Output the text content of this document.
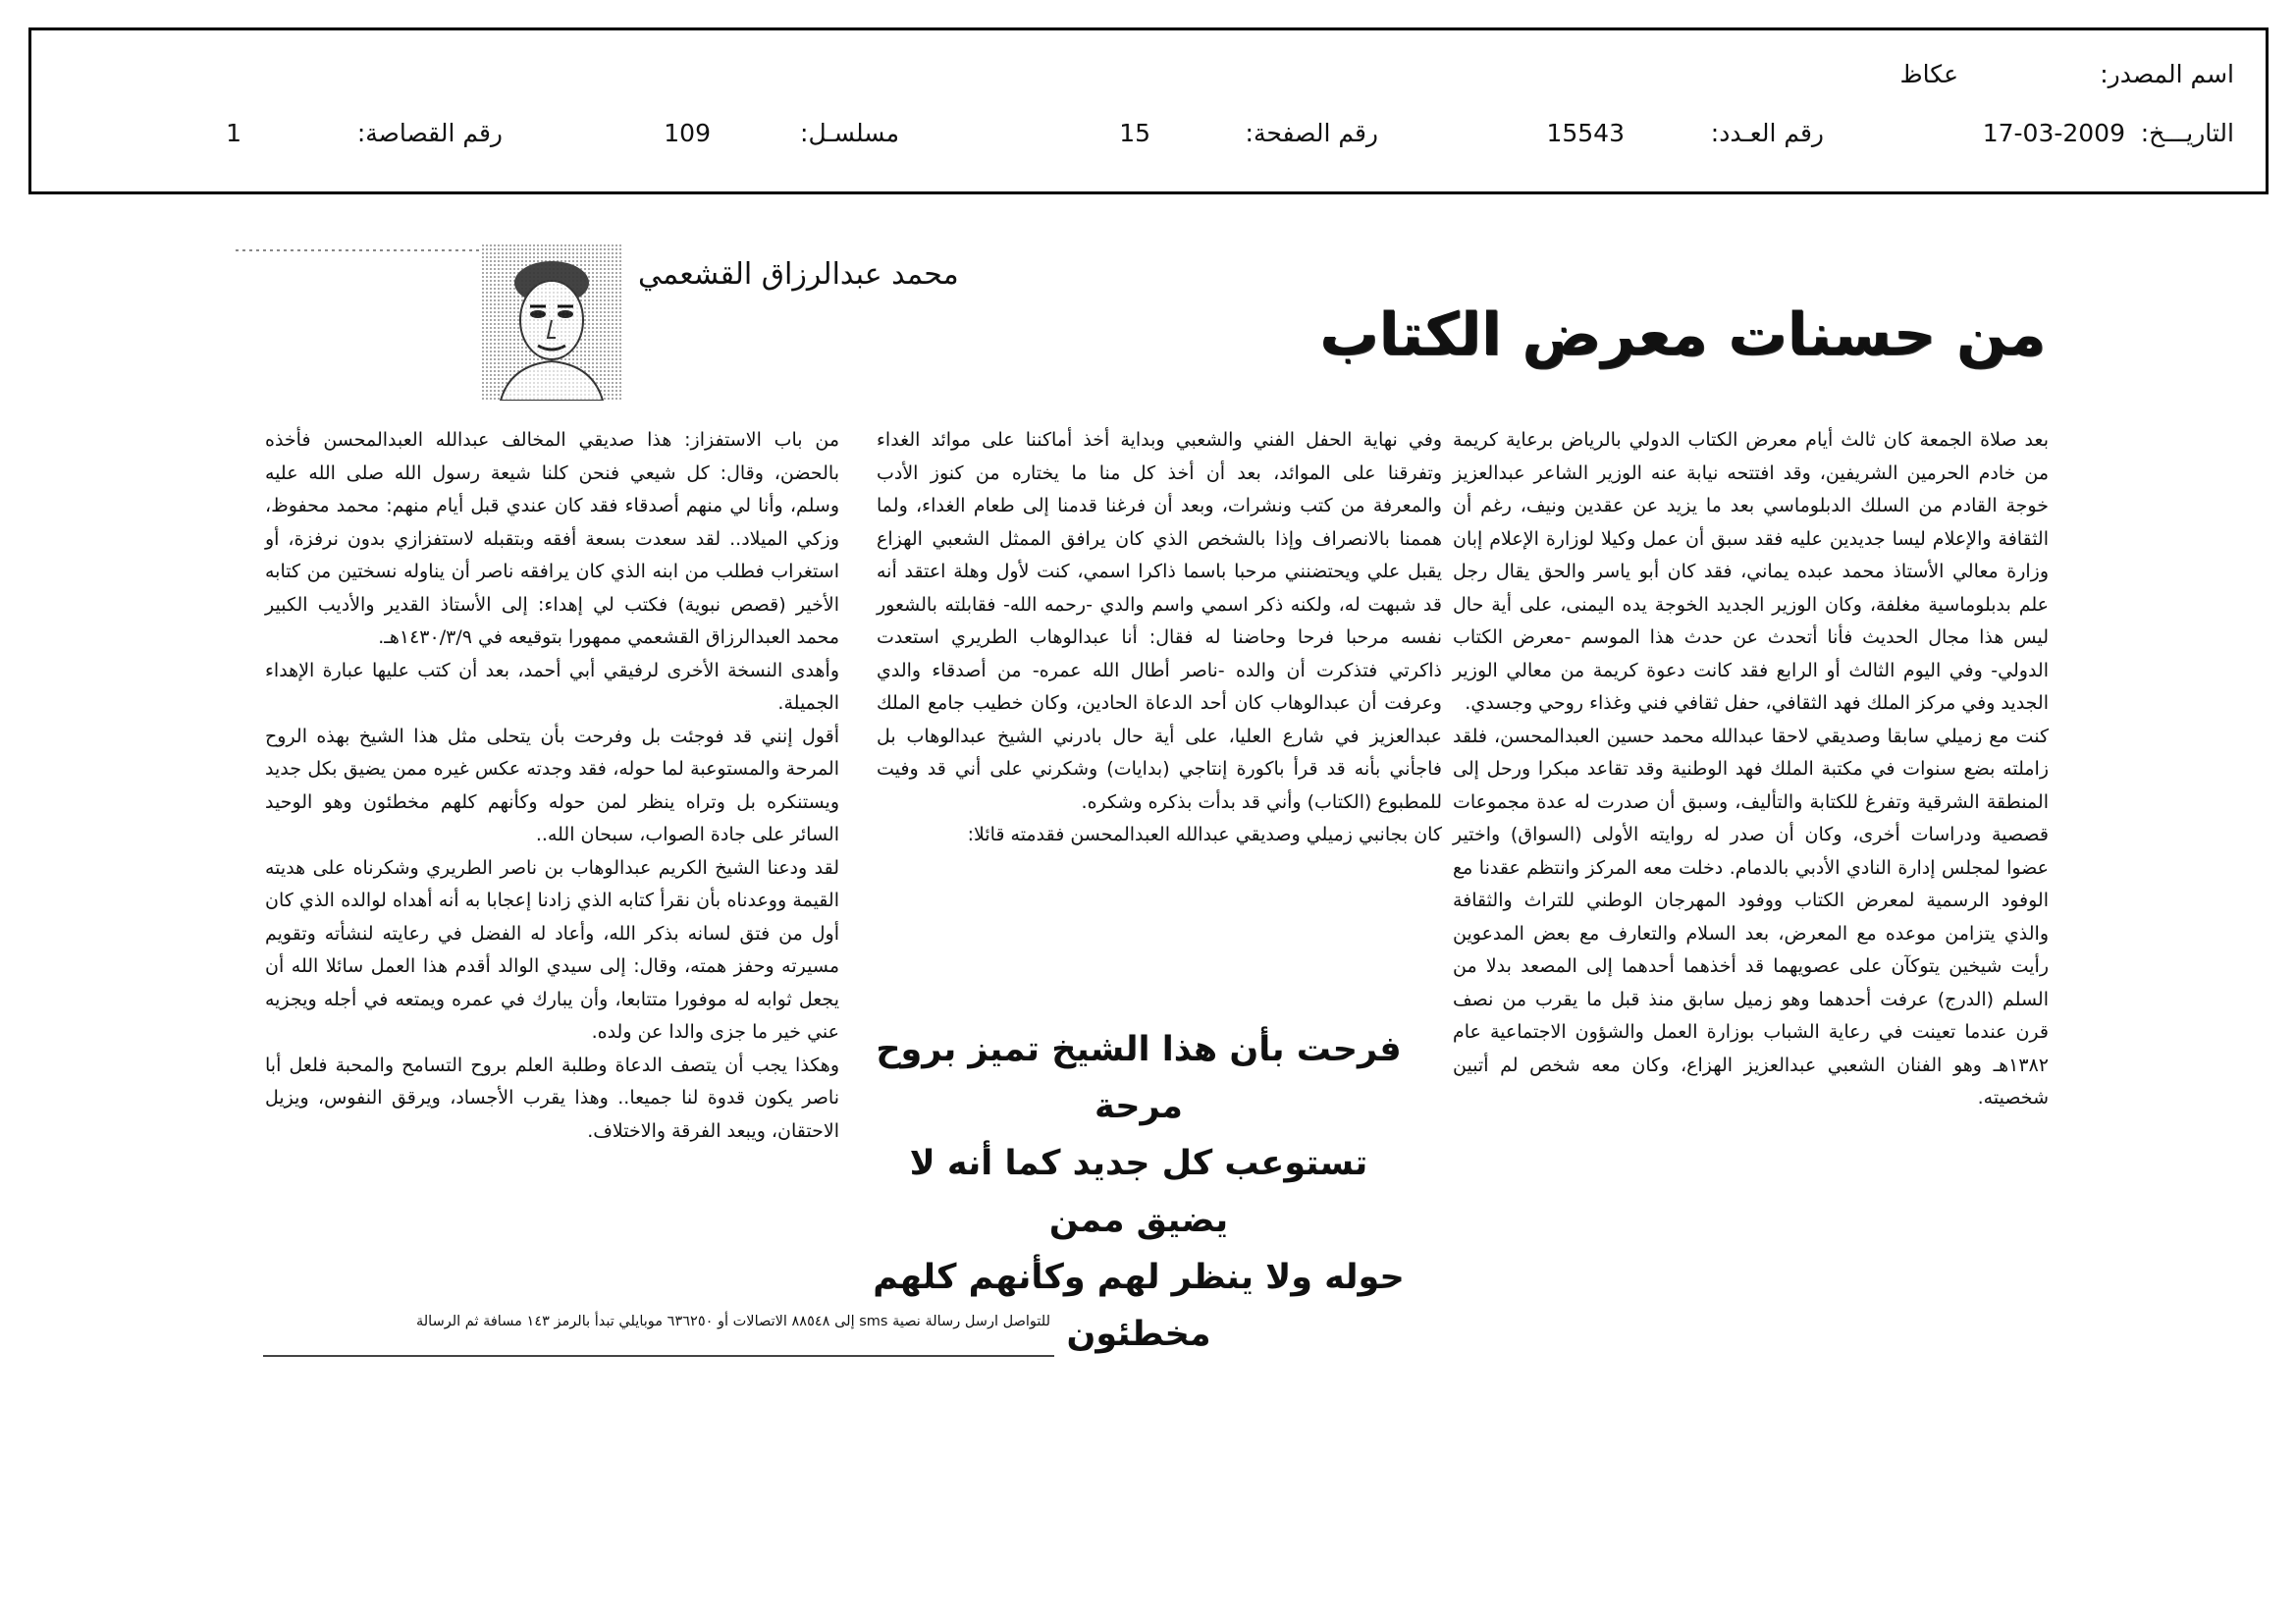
اسم المصدر:
عكاظ
التاريـــخ:
17-03-2009
رقم العـدد:
15543
رقم الصفحة:
15
مسلسـل:
109
رقم القصاصة:
1
محمد عبدالرزاق القشعمي
من حسنات معرض الكتاب

بعد صلاة الجمعة كان ثالث أيام معرض الكتاب الدولي بالرياض برعاية كريمة من خادم الحرمين الشريفين، وقد افتتحه نيابة عنه الوزير الشاعر عبدالعزيز خوجة القادم من السلك الدبلوماسي بعد ما يزيد عن عقدين ونيف، رغم أن الثقافة والإعلام ليسا جديدين عليه فقد سبق أن عمل وكيلا لوزارة الإعلام إبان وزارة معالي الأستاذ محمد عبده يماني، فقد كان أبو ياسر والحق يقال رجل علم بدبلوماسية مغلفة، وكان الوزير الجديد الخوجة يده اليمنى، على أية حال ليس هذا مجال الحديث فأنا أتحدث عن حدث هذا الموسم -معرض الكتاب الدولي- وفي اليوم الثالث أو الرابع فقد كانت دعوة كريمة من معالي الوزير الجديد وفي مركز الملك فهد الثقافي، حفل ثقافي فني وغذاء روحي وجسدي.

كنت مع زميلي سابقا وصديقي لاحقا عبدالله محمد حسين العبدالمحسن، فلقد زاملته بضع سنوات في مكتبة الملك فهد الوطنية وقد تقاعد مبكرا ورحل إلى المنطقة الشرقية وتفرغ للكتابة والتأليف، وسبق أن صدرت له عدة مجموعات قصصية ودراسات أخرى، وكان أن صدر له روايته الأولى (السواق) واختير عضوا لمجلس إدارة النادي الأدبي بالدمام. دخلت معه المركز وانتظم عقدنا مع الوفود الرسمية لمعرض الكتاب ووفود المهرجان الوطني للتراث والثقافة والذي يتزامن موعده مع المعرض، بعد السلام والتعارف مع بعض المدعوين رأيت شيخين يتوكآن على عصويهما قد أخذهما أحدهما إلى المصعد بدلا من السلم (الدرج) عرفت أحدهما وهو زميل سابق منذ قبل ما يقرب من نصف قرن عندما تعينت في رعاية الشباب بوزارة العمل والشؤون الاجتماعية عام ١٣٨٢هـ وهو الفنان الشعبي عبدالعزيز الهزاع، وكان معه شخص لم أتبين شخصيته.

وفي نهاية الحفل الفني والشعبي وبداية أخذ أماكننا على موائد الغداء وتفرقنا على الموائد، بعد أن أخذ كل منا ما يختاره من كنوز الأدب والمعرفة من كتب ونشرات، وبعد أن فرغنا قدمنا إلى طعام الغداء، ولما هممنا بالانصراف وإذا بالشخص الذي كان يرافق الممثل الشعبي الهزاع يقبل علي ويحتضنني مرحبا باسما ذاكرا اسمي، كنت لأول وهلة اعتقد أنه قد شبهت له، ولكنه ذكر اسمي واسم والدي -رحمه الله- فقابلته بالشعور نفسه مرحبا فرحا وحاضنا له فقال: أنا عبدالوهاب الطريري استعدت ذاكرتي فتذكرت أن والده -ناصر أطال الله عمره- من أصدقاء والدي وعرفت أن عبدالوهاب كان أحد الدعاة الحادين، وكان خطيب جامع الملك عبدالعزيز في شارع العليا، على أية حال بادرني الشيخ عبدالوهاب بل فاجأني بأنه قد قرأ باكورة إنتاجي (بدايات) وشكرني على أني قد وفيت للمطبوع (الكتاب) وأني قد بدأت بذكره وشكره.

كان بجانبي زميلي وصديقي عبدالله العبدالمحسن فقدمته قائلا:

فرحت بأن هذا الشيخ تميز بروح مرحة

تستوعب كل جديد كما أنه لا يضيق ممن

حوله ولا ينظر لهم وكأنهم كلهم مخطئون

من باب الاستفزاز: هذا صديقي المخالف عبدالله العبدالمحسن فأخذه بالحضن، وقال: كل شيعي فنحن كلنا شيعة رسول الله صلى الله عليه وسلم، وأنا لي منهم أصدقاء فقد كان عندي قبل أيام منهم: محمد محفوظ، وزكي الميلاد.. لقد سعدت بسعة أفقه وبتقبله لاستفزازي بدون نرفزة، أو استغراب فطلب من ابنه الذي كان يرافقه ناصر أن يناوله نسختين من كتابه الأخير (قصص نبوية) فكتب لي إهداء: إلى الأستاذ القدير والأديب الكبير محمد العبدالرزاق القشعمي ممهورا بتوقيعه في ١٤٣٠/٣/٩هـ.

وأهدى النسخة الأخرى لرفيقي أبي أحمد، بعد أن كتب عليها عبارة الإهداء الجميلة.

أقول إنني قد فوجئت بل وفرحت بأن يتحلى مثل هذا الشيخ بهذه الروح المرحة والمستوعبة لما حوله، فقد وجدته عكس غيره ممن يضيق بكل جديد ويستنكره بل وتراه ينظر لمن حوله وكأنهم كلهم مخطئون وهو الوحيد السائر على جادة الصواب، سبحان الله..

لقد ودعنا الشيخ الكريم عبدالوهاب بن ناصر الطريري وشكرناه على هديته القيمة ووعدناه بأن نقرأ كتابه الذي زادنا إعجابا به أنه أهداه لوالده الذي كان أول من فتق لسانه بذكر الله، وأعاد له الفضل في رعايته لنشأته وتقويم مسيرته وحفز همته، وقال: إلى سيدي الوالد أقدم هذا العمل سائلا الله أن يجعل ثوابه له موفورا متتابعا، وأن يبارك في عمره ويمتعه في أجله ويجزيه عني خير ما جزى والدا عن ولده.

وهكذا يجب أن يتصف الدعاة وطلبة العلم بروح التسامح والمحبة فلعل أبا ناصر يكون قدوة لنا جميعا.. وهذا يقرب الأجساد، ويرقق النفوس، ويزيل الاحتقان، ويبعد الفرقة والاختلاف.

للتواصل ارسل رسالة نصية sms إلى ٨٨٥٤٨ الاتصالات أو ٦٣٦٢٥٠ موبايلي تبدأ بالرمز ١٤٣ مسافة ثم الرسالة
